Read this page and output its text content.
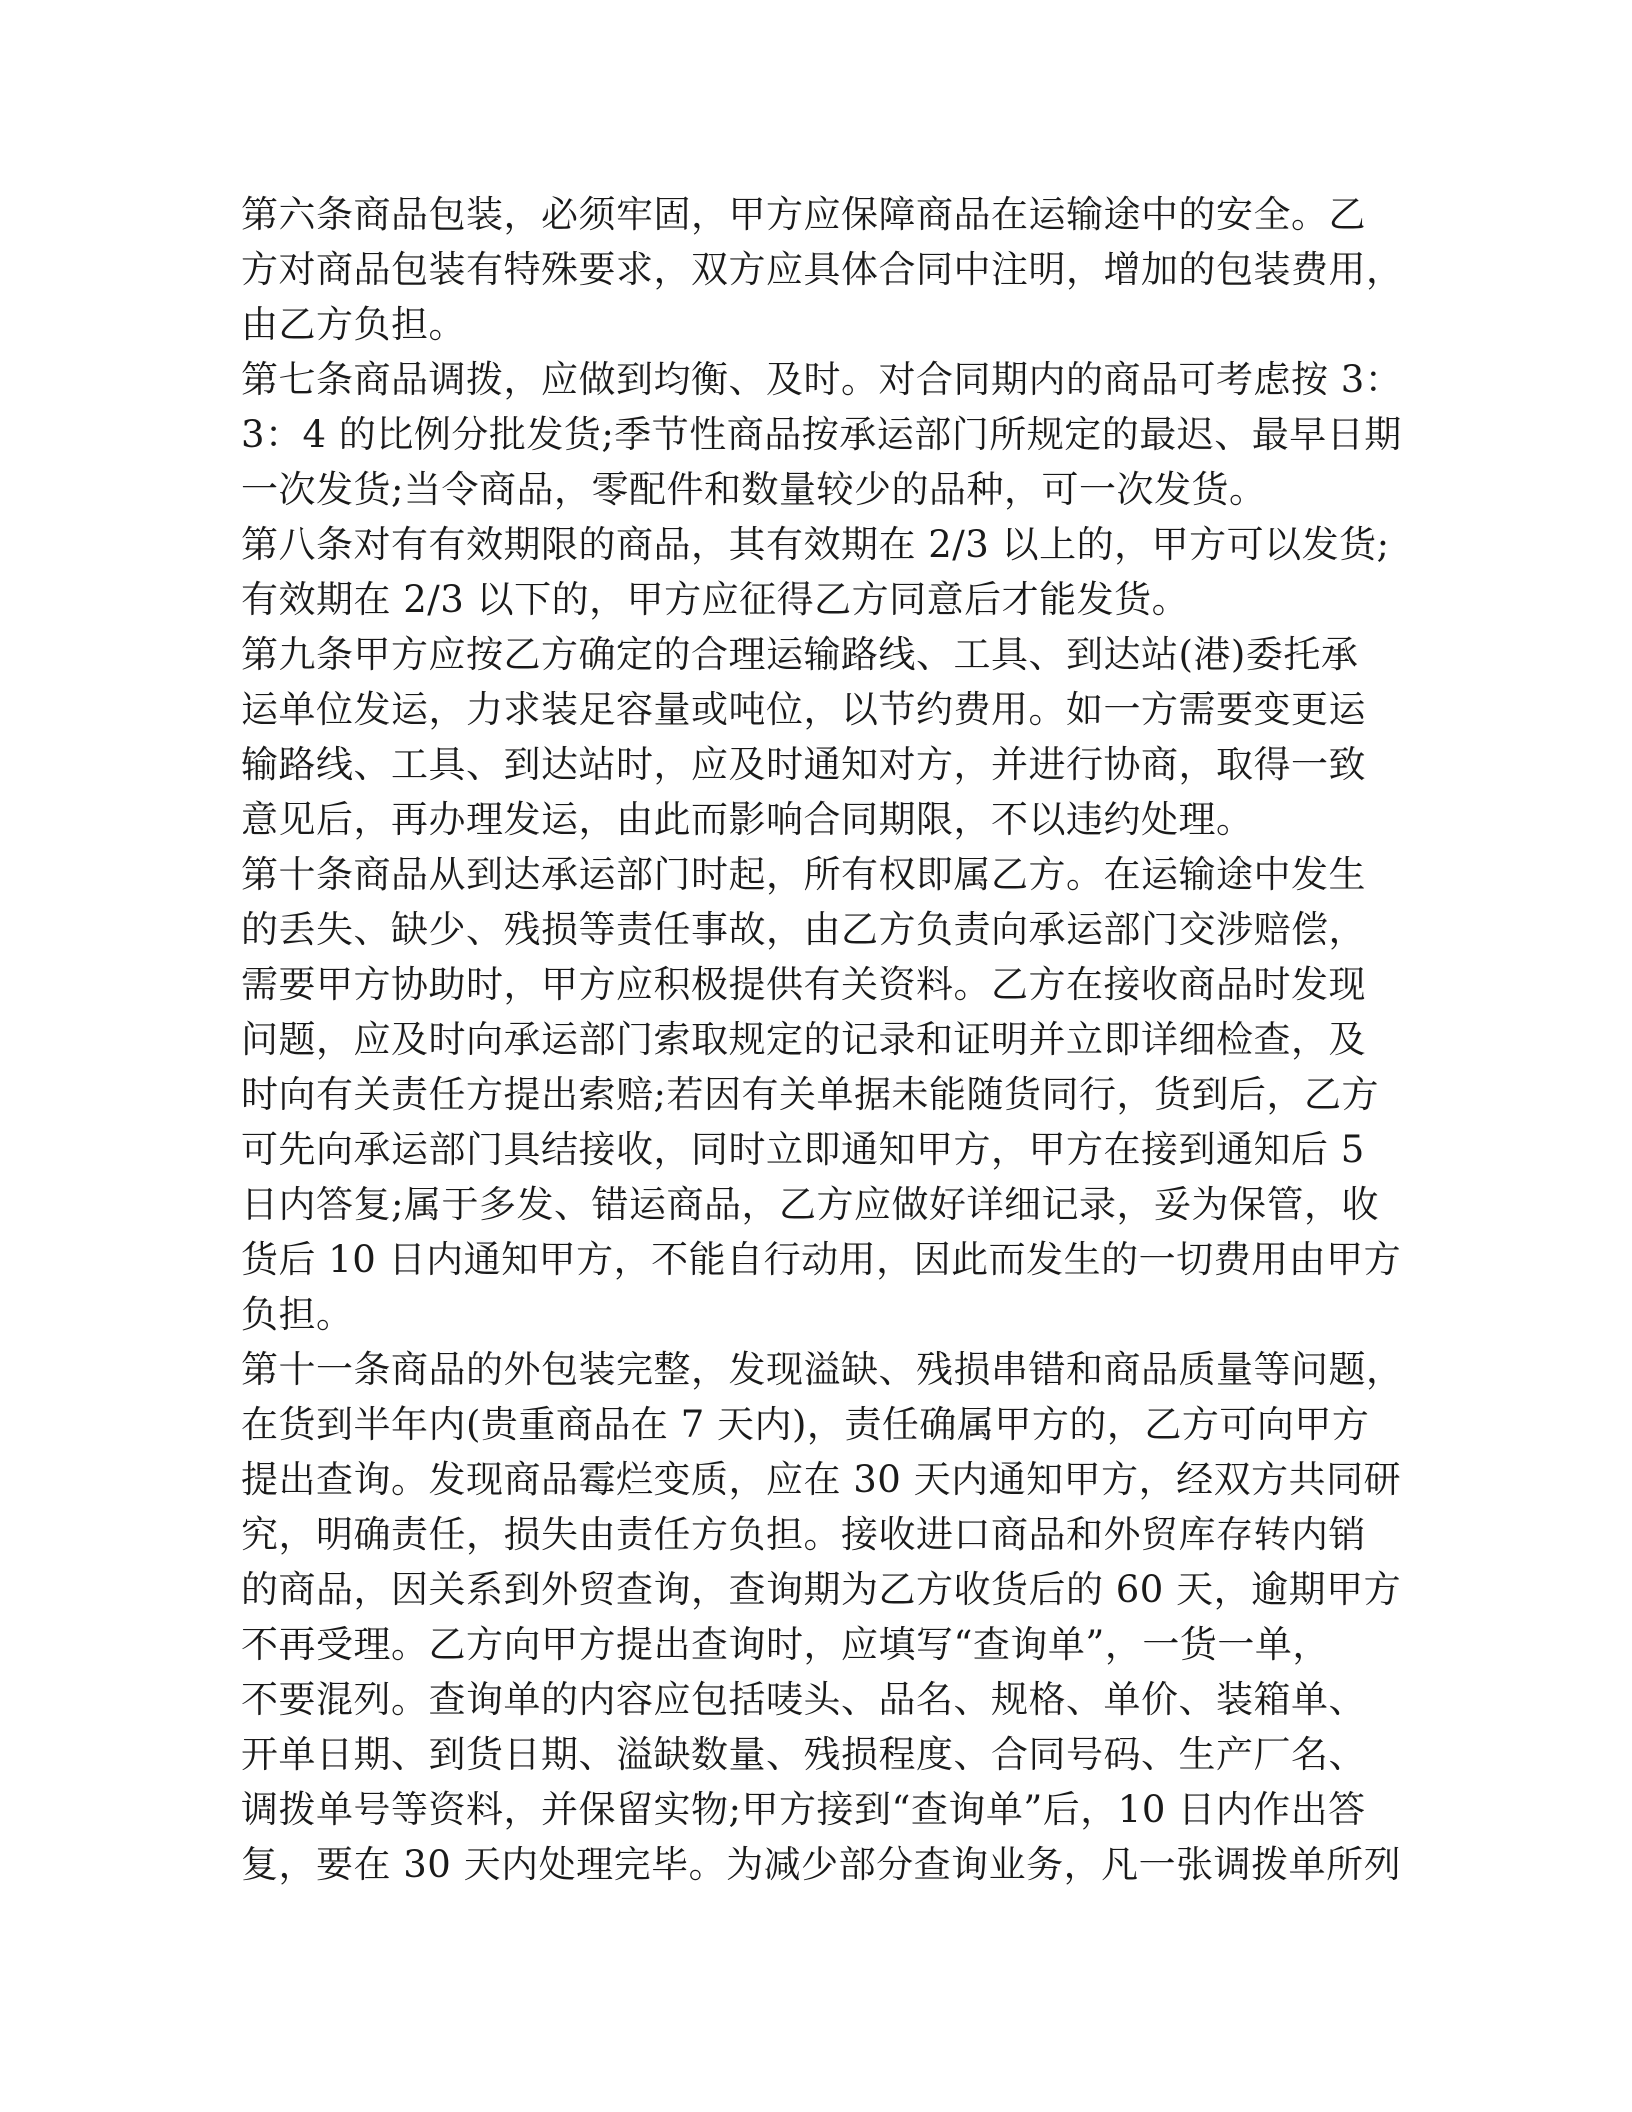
第六条商品包装，必须牢固，甲方应保障商品在运输途中的安全。乙
方对商品包装有特殊要求，双方应具体合同中注明，增加的包装费用，
由乙方负担。
第七条商品调拨，应做到均衡、及时。对合同期内的商品可考虑按 3：
3：4 的比例分批发货;季节性商品按承运部门所规定的最迟、最早日期
一次发货;当令商品，零配件和数量较少的品种，可一次发货。
第八条对有有效期限的商品，其有效期在 2/3 以上的，甲方可以发货;
有效期在 2/3 以下的，甲方应征得乙方同意后才能发货。
第九条甲方应按乙方确定的合理运输路线、工具、到达站(港)委托承
运单位发运，力求装足容量或吨位，以节约费用。如一方需要变更运
输路线、工具、到达站时，应及时通知对方，并进行协商，取得一致
意见后，再办理发运，由此而影响合同期限，不以违约处理。
第十条商品从到达承运部门时起，所有权即属乙方。在运输途中发生
的丢失、缺少、残损等责任事故，由乙方负责向承运部门交涉赔偿，
需要甲方协助时，甲方应积极提供有关资料。乙方在接收商品时发现
问题，应及时向承运部门索取规定的记录和证明并立即详细检查，及
时向有关责任方提出索赔;若因有关单据未能随货同行，货到后，乙方
可先向承运部门具结接收，同时立即通知甲方，甲方在接到通知后 5
日内答复;属于多发、错运商品，乙方应做好详细记录，妥为保管，收
货后 10 日内通知甲方，不能自行动用，因此而发生的一切费用由甲方
负担。
第十一条商品的外包装完整，发现溢缺、残损串错和商品质量等问题，
在货到半年内(贵重商品在 7 天内)，责任确属甲方的，乙方可向甲方
提出查询。发现商品霉烂变质，应在 30 天内通知甲方，经双方共同研
究，明确责任，损失由责任方负担。接收进口商品和外贸库存转内销
的商品，因关系到外贸查询，查询期为乙方收货后的 60 天，逾期甲方
不再受理。乙方向甲方提出查询时，应填写“查询单”，一货一单，
不要混列。查询单的内容应包括唛头、品名、规格、单价、装箱单、
开单日期、到货日期、溢缺数量、残损程度、合同号码、生产厂名、
调拨单号等资料，并保留实物;甲方接到“查询单”后，10 日内作出答
复，要在 30 天内处理完毕。为减少部分查询业务，凡一张调拨单所列
